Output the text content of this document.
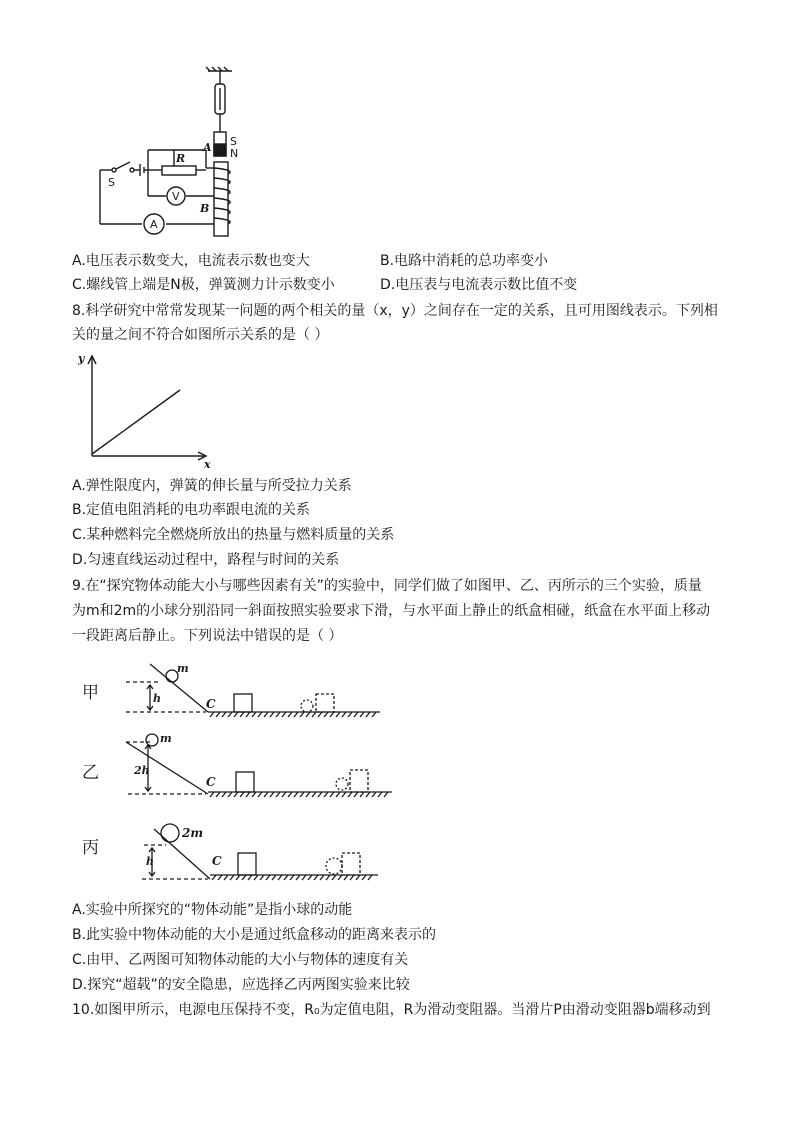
S
R
V
A
A
B
S
N
A.电压表示数变大，电流表示数也变大	B.电路中消耗的总功率变小
C.螺线管上端是N极，弹簧测力计示数变小	D.电压表与电流表示数比值不变
8.科学研究中常常发现某一问题的两个相关的量（x，y）之间存在一定的关系，且可用图线表示。下列相
关的量之间不符合如图所示关系的是（ ）
y
x
A.弹性限度内，弹簧的伸长量与所受拉力关系
B.定值电阻消耗的电功率跟电流的关系
C.某种燃料完全燃烧所放出的热量与燃料质量的关系
D.匀速直线运动过程中，路程与时间的关系
9.在“探究物体动能大小与哪些因素有关”的实验中，同学们做了如图甲、乙、丙所示的三个实验，质量
为m和2m的小球分别沿同一斜面按照实验要求下滑，与水平面上静止的纸盒相碰，纸盒在水平面上移动
一段距离后静止。下列说法中错误的是（ ）
甲
m
h	C
乙
m
2h
C
丙
2m
h	C
A.实验中所探究的“物体动能”是指小球的动能
B.此实验中物体动能的大小是通过纸盒移动的距离来表示的
C.由甲、乙两图可知物体动能的大小与物体的速度有关
D.探究“超载”的安全隐患，应选择乙丙两图实验来比较
10.如图甲所示，电源电压保持不变，R₀为定值电阻，R为滑动变阻器。当滑片P由滑动变阻器b端移动到
